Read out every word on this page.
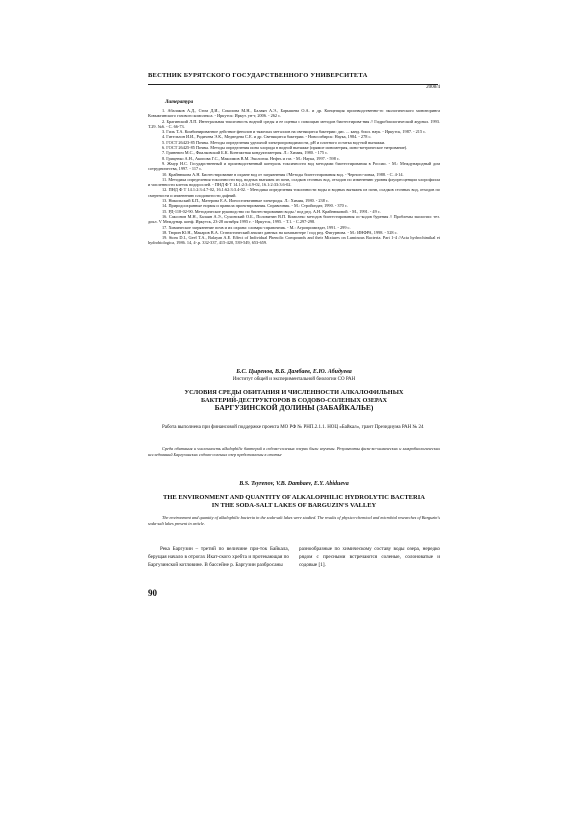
ВЕСТНИК БУРЯТСКОГО ГОСУДАРСТВЕННОГО УНИВЕРСИТЕТА
2008/4
Литература

1. Абалаков А.Д., Стом Д.И., Соколова М.Н., Балаян А.Э., Барышева О.А. и др. Концепция производственно-го экологического мониторинга Ковыктинского газового комплекса. - Иркутск: Иркут. ун-т, 2006. - 262 с.

2. Брагинский Л.П. Интегральная токсичность водной среды и ее оценка с помощью методов биотестирова-ния // Гидробиологический журнал. 1993. Т.29. №6. - С. 66-73.

3. Гиль Т.А. Комбинированное действие фенолов и тяжелых металлов на светящиеся бактерии: дис. ... канд. биол. наук. - Иркутск, 1987. - 215 с.

4. Гительзон И.И., Родичева Э.К., Медведева С.Е. и др. Светящиеся бактерии. - Новосибирск: Наука, 1984. - 278 с.

5. ГОСТ 26423-85 Почвы. Методы определения удельной электропроводимости, рН и плотного остатка вод-ной вытяжки.

6. ГОСТ 26425-85 Почвы. Методы определения иона хлорида в водной вытяжке (прямое ионометрия, ионо-метрическое титрование).

7. Гриневич М.С., Фиалковский Б.К. Контактная кондуктометрия. Л.: Химия, 1980. - 175 с.

8. Гриценко А.Н., Акопова Г.С., Максимов В.М. Экология. Нефть и газ. - М.: Наука, 1997. - 598 с.

9. Жмур Н.С. Государственный и производственный контроль токсичности вод методами биотестирования в России. - М.: Международный дом сотрудничества, 1997. - 117 с.

10. Крайнюкова А.Н. Биотестирование в охране вод от загрязнения //Методы биотестирования вод. - Черного-ловка, 1988. - С. 4-14.

11. Методика определения токсичности вод, водных вытяжек из почв, осадков сточных вод, отходов по изменению уровня флуоресценции хлорофилла и численности клеток водорослей. - ПНД Ф Т 14.1:2:3:4.9-02, 16.1:2:33:3.6-02.

12. ПНД Ф Т 14.1:2:3:4.7-02, 16.1:62:3:3.4-02. - Методика определения токсичности воды и водных вытяжек из почв, осадков сточных вод, отходов по смертности и изменению плодовитости дафний.

13. Никольский Б.П., Матерова Е.А. Ионоселективные электроды. Л.: Химия, 1980. - 238 с.

14. Природоохранные нормы и правила проектирования. Справочник. - М.: Стройиздат, 1990. - 370 с.

15. РД-118-02-90. Методическое руководство по биотестированию воды / под ред. А.Н. Крайнюковой. - М., 1991. - 49 с.

16. Саксонов М.Н., Балаян А.Э., Сухинский О.Б., Половитин В.П. Комплекс методов биотестирования ос-кодов бурения // Проблемы экологии: тез. докл. V Междунар. конф. Иркутск, 23-28 октября 1995 г. - Иркутск, 1995. - Т.1. - С.297-298.

17. Химическое загрязнение почв и их охрана: словарь-справочник. - М.: Агропромиздат, 1991. - 299 с.

18. Тюрин Ю.Н., Макаров В.А. Статистический анализ данных на компьютере / под ред. Фигурнова. - М.: ИНФРА, 1998. - 528 с.

19. Stom D.I., Geel T.A., Balayan A.E. Effect of Individual Phenolic Compounds and their Mixtures on Luminous Bacteria. Part 1-4 //Acta hydrochimikal et hydrobiologica, 1986. 14, 4-.p. 332-337, 415-420, 539-549, 653-659.

Б.С. Цыренов, В.Б. Дамбаев, Е.Ю. Абидуева
Институт общей и экспериментальной биологии СО РАН
УСЛОВИЯ СРЕДЫ ОБИТАНИЯ И ЧИСЛЕННОСТИ АЛКАЛОФИЛЬНЫХ
БАКТЕРИЙ-ДЕСТРУКТОРОВ В СОДОВО-СОЛЕНЫХ ОЗЕРАХ
БАРГУЗИНСКОЙ ДОЛИНЫ (ЗАБАЙКАЛЬЕ)
Работа выполнена при финансовой поддержке проекта МО РФ № РНП.2.1.1. НОЦ «Байкал», грант Президиума РАН № 24
Среда обитания и численность alkalophilic бактерий в содово-соленых озерах были изучены. Результаты физи-ко-химических и микробиологических исследований Баргузинских содово-соленых озер представлены в статье
B.S. Tsyrenov, V.B. Dambaev, E.Y. Abidueva
THE ENVIRONMENT AND QUANTITY OF ALKALOPHILIC HYDROLYTIC BACTERIA
IN THE SODA-SALT LAKES OF BARGUZIN'S VALLEY
The environment and quantity of alkalophilic bacteria in the soda-salt lakes were studied. The results of physico-chemical and microbial researches of Barguzin's soda-salt lakes present in article.

Река Баргузин – третий по величине при-ток Байкала, берущая начало в отрогах Икат-ского хребта и протекающая по Баргузинской котловине. В бассейне р. Баргузин разбросаны

разнообразные по химическому составу воды озера, нередко рядом с пресными встречаются соленые, солоноватые и содовые [1].

90
